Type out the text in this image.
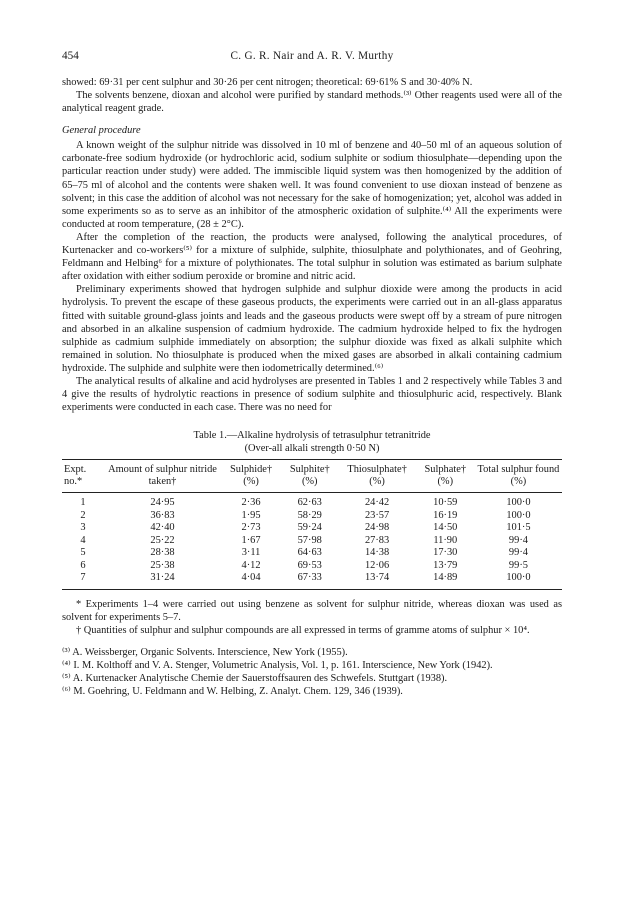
454	C. G. R. Nair and A. R. V. Murthy

showed: 69·31 per cent sulphur and 30·26 per cent nitrogen; theoretical: 69·61% S and 30·40% N.

The solvents benzene, dioxan and alcohol were purified by standard methods.⁽³⁾ Other reagents used were all of the analytical reagent grade.

General procedure

A known weight of the sulphur nitride was dissolved in 10 ml of benzene and 40–50 ml of an aqueous solution of carbonate-free sodium hydroxide (or hydrochloric acid, sodium sulphite or sodium thiosulphate—depending upon the particular reaction under study) were added. The immiscible liquid system was then homogenized by the addition of 65–75 ml of alcohol and the contents were shaken well. It was found convenient to use dioxan instead of benzene as solvent; in this case the addition of alcohol was not necessary for the sake of homogenization; yet, alcohol was added in some experiments so as to serve as an inhibitor of the atmospheric oxidation of sulphite.⁽⁴⁾ All the experiments were conducted at room temperature, (28 ± 2°C).

After the completion of the reaction, the products were analysed, following the analytical procedures, of Kurtenacker and co-workers⁽⁵⁾ for a mixture of sulphide, sulphite, thiosulphate and polythionates, and of Geohring, Feldmann and Helbing⁶ for a mixture of polythionates. The total sulphur in solution was estimated as barium sulphate after oxidation with either sodium peroxide or bromine and nitric acid.

Preliminary experiments showed that hydrogen sulphide and sulphur dioxide were among the products in acid hydrolysis. To prevent the escape of these gaseous products, the experiments were carried out in an all-glass apparatus fitted with suitable ground-glass joints and leads and the gaseous products were swept off by a stream of pure nitrogen and absorbed in an alkaline suspension of cadmium hydroxide. The cadmium hydroxide helped to fix the hydrogen sulphide as cadmium sulphide immediately on absorption; the sulphur dioxide was fixed as alkali sulphite which remained in solution. No thiosulphate is produced when the mixed gases are absorbed in alkali containing cadmium hydroxide. The sulphide and sulphite were then iodometrically determined.⁽⁶⁾

The analytical results of alkaline and acid hydrolyses are presented in Tables 1 and 2 respectively while Tables 3 and 4 give the results of hydrolytic reactions in presence of sodium sulphite and thiosulphuric acid, respectively. Blank experiments were conducted in each case. There was no need for

Table 1.—Alkaline hydrolysis of tetrasulphur tetranitride
(Over-all alkali strength 0·50 N)

Expt. no.*	Amount of sulphur nitride taken†	Sulphide† (%)	Sulphite† (%)	Thiosulphate† (%)	Sulphate† (%)	Total sulphur found (%)
1	24·95	2·36	62·63	24·42	10·59	100·0
2	36·83	1·95	58·29	23·57	16·19	100·0
3	42·40	2·73	59·24	24·98	14·50	101·5
4	25·22	1·67	57·98	27·83	11·90	99·4
5	28·38	3·11	64·63	14·38	17·30	99·4
6	25·38	4·12	69·53	12·06	13·79	99·5
7	31·24	4·04	67·33	13·74	14·89	100·0

* Experiments 1–4 were carried out using benzene as solvent for sulphur nitride, whereas dioxan was used as solvent for experiments 5–7.

† Quantities of sulphur and sulphur compounds are all expressed in terms of gramme atoms of sulphur × 10⁴.

⁽³⁾ A. Weissberger, Organic Solvents. Interscience, New York (1955).
⁽⁴⁾ I. M. Kolthoff and V. A. Stenger, Volumetric Analysis, Vol. 1, p. 161. Interscience, New York (1942).
⁽⁵⁾ A. Kurtenacker Analytische Chemie der Sauerstoffsauren des Schwefels. Stuttgart (1938).
⁽⁶⁾ M. Goehring, U. Feldmann and W. Helbing, Z. Analyt. Chem. 129, 346 (1939).
